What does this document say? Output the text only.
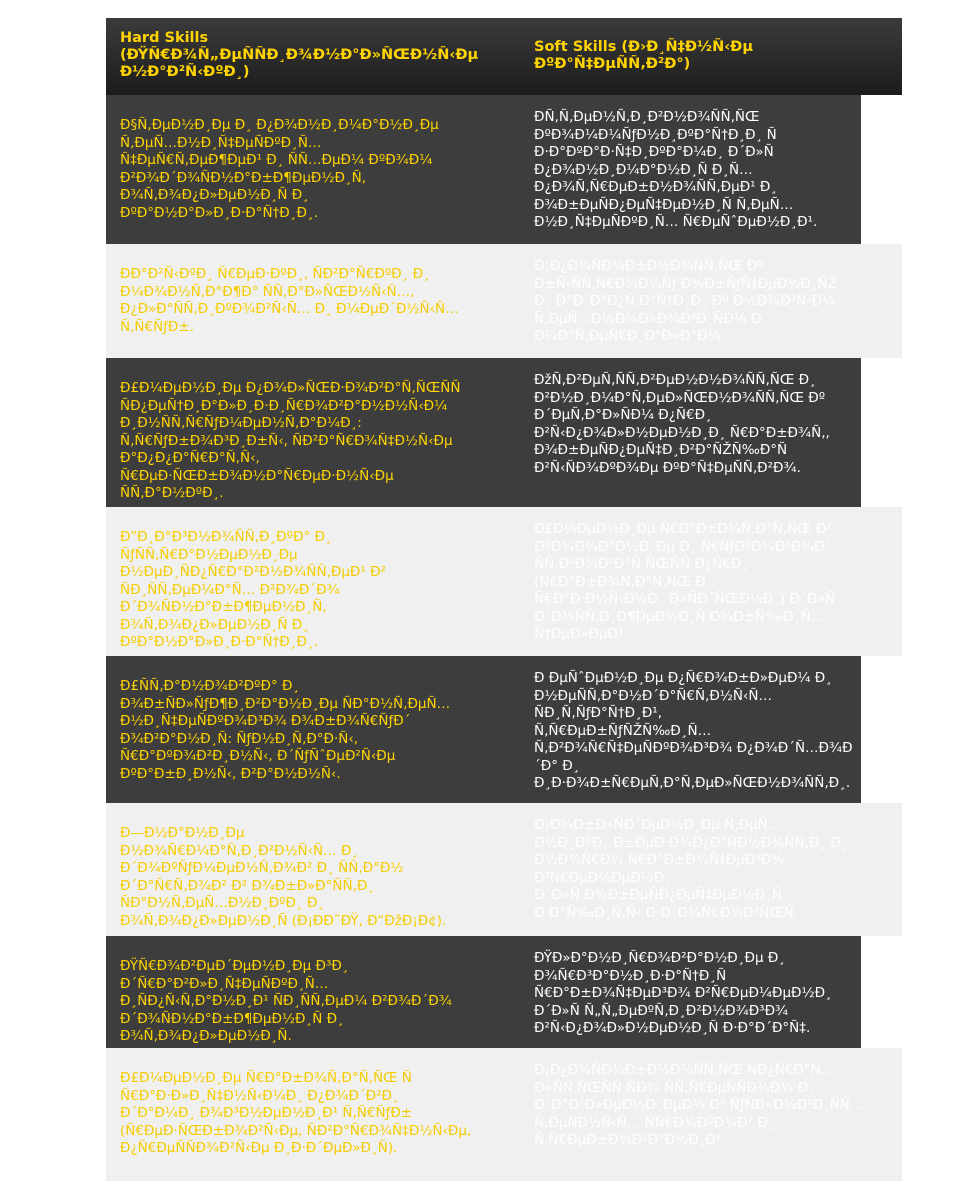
Hard Skills
(ĐŸÑ€Đ¾Ñ„ĐµÑÑĐ¸Đ¾Đ½Đ°Đ»ÑŒĐ½Ñ‹Đµ Đ½Đ°Đ²Ñ‹ĐºĐ¸)
Soft Skills (Đ›Đ¸Ñ‡Đ½Ñ‹Đµ ĐºĐ°Ñ‡ĐµÑÑ‚Đ²Đ°)
Đ§Ñ‚ĐµĐ½Đ¸Đµ Đ¸ Đ¿Đ¾Đ½Đ¸Đ¼Đ°Đ½Đ¸Đµ
Ñ‚ĐµÑ…Đ½Đ¸Ñ‡ĐµÑĐºĐ¸Ñ…
Ñ‡ĐµÑ€Ñ‚ĐµĐ¶ĐµĐ¹ Đ¸ ÑÑ…ĐµĐ¼ ĐºĐ¾Đ¼
Đ²Đ¾Đ´Đ¾ÑĐ½Đ°Đ±Đ¶ĐµĐ½Đ¸Ñ,
Đ¾Ñ‚Đ¾Đ¿Đ»ĐµĐ½Đ¸Ñ Đ¸
ĐºĐ°Đ½Đ°Đ»Đ¸Đ·Đ°Ñ†Đ¸Đ¸.
ĐÑ‚Ñ‚ĐµĐ½Ñ‚Đ¸Đ²Đ½Đ¾ÑÑ‚ÑŒ
ĐºĐ¾Đ¼Đ¼ÑƒĐ½Đ¸ĐºĐ°Ñ†Đ¸Đ¸ Ñ
Đ·Đ°ĐºĐ°Đ·Ñ‡Đ¸ĐºĐ°Đ¼Đ¸ Đ´Đ»Ñ
Đ¿Đ¾Đ½Đ¸Đ¼Đ°Đ½Đ¸Ñ Đ¸Ñ…
Đ¿Đ¾Ñ‚Ñ€ĐµĐ±Đ½Đ¾ÑÑ‚ĐµĐ¹ Đ¸
Đ¾Đ±ĐµÑĐ¿ĐµÑ‡ĐµĐ½Đ¸Ñ Ñ‚ĐµÑ…
Đ½Đ¸Ñ‡ĐµÑĐºĐ¸Ñ… Ñ€ĐµÑˆĐµĐ½Đ¸Đ¹.
ĐĐ°Đ²Ñ‹ĐºĐ¸ Ñ€ĐµĐ·ĐºĐ¸, ÑĐ²Đ°Ñ€ĐºĐ¸ Đ¸
Đ¼Đ¾Đ½Ñ‚Đ°Đ¶Đ° ÑÑ‚Đ°Đ»ÑŒĐ½Ñ‹Ñ…,
Đ¿Đ»Đ°ÑÑ‚Đ¸ĐºĐ¾Đ²Ñ‹Ñ… Đ¸ Đ¼ĐµĐ´Đ½Ñ‹Ñ…
Ñ‚Ñ€ÑƒĐ±.
Đ¡Đ¿Đ¾ÑĐ¾Đ±Đ½Đ¾ÑÑ‚ÑŒ Đº
Đ±Ñ‹ÑÑ‚Ñ€Đ¾Đ¼Ñƒ Đ¾Đ±ÑƒÑ‡ĐµĐ½Đ¸ÑŽ
Đ¸ Đ°Đ´Đ°Đ¿Ñ‚Đ°Ñ†Đ¸Đ¸ Đº Đ½Đ¾Đ²Ñ‹Đ¼
Ñ‚ĐµÑ…Đ½Đ¾Đ»Đ¾Đ³Đ¸ÑĐ¼ Đ¸
Đ¼Đ°Ñ‚ĐµÑ€Đ¸Đ°Đ»Đ°Đ¼.
Đ£Đ¼ĐµĐ½Đ¸Đµ Đ¿Đ¾Đ»ÑŒĐ·Đ¾Đ²Đ°Ñ‚ÑŒÑÑ
ÑĐ¿ĐµÑ†Đ¸Đ°Đ»Đ¸Đ·Đ¸Ñ€Đ¾Đ²Đ°Đ½Đ½Ñ‹Đ¼
Đ¸Đ½ÑÑ‚Ñ€ÑƒĐ¼ĐµĐ½Ñ‚Đ°Đ¼Đ¸:
Ñ‚Ñ€ÑƒĐ±Đ¾Đ³Đ¸Đ±Ñ‹, ÑĐ²Đ°Ñ€Đ¾Ñ‡Đ½Ñ‹Đµ
Đ°Đ¿Đ¿Đ°Ñ€Đ°Ñ‚Ñ‹,
Ñ€ĐµĐ·ÑŒĐ±Đ¾Đ½Đ°Ñ€ĐµĐ·Đ½Ñ‹Đµ
ÑÑ‚Đ°Đ½ĐºĐ¸.
ĐžÑ‚Đ²ĐµÑ‚ÑÑ‚Đ²ĐµĐ½Đ½Đ¾ÑÑ‚ÑŒ Đ¸
Đ²Đ½Đ¸Đ¼Đ°Ñ‚ĐµĐ»ÑŒĐ½Đ¾ÑÑ‚ÑŒ Đº
Đ´ĐµÑ‚Đ°Đ»ÑĐ¼ Đ¿Ñ€Đ¸
Đ²Ñ‹Đ¿Đ¾Đ»Đ½ĐµĐ½Đ¸Đ¸ Ñ€Đ°Đ±Đ¾Ñ‚,
Đ¾Đ±ĐµÑĐ¿ĐµÑ‡Đ¸Đ²Đ°ÑŽÑ‰Đ°Ñ
Đ²Ñ‹ÑĐ¾ĐºĐ¾Đµ ĐºĐ°Ñ‡ĐµÑÑ‚Đ²Đ¾.
Đ”Đ¸Đ°Đ³Đ½Đ¾ÑÑ‚Đ¸ĐºĐ° Đ¸
ÑƒÑÑ‚Ñ€Đ°Đ½ĐµĐ½Đ¸Đµ
Đ½ĐµĐ¸ÑĐ¿Ñ€Đ°Đ²Đ½Đ¾ÑÑ‚ĐµĐ¹ Đ²
ÑĐ¸ÑÑ‚ĐµĐ¼Đ°Ñ… Đ²Đ¾Đ´Đ¾
Đ´Đ¾ÑĐ½Đ°Đ±Đ¶ĐµĐ½Đ¸Ñ,
Đ¾Ñ‚Đ¾Đ¿Đ»ĐµĐ½Đ¸Ñ Đ¸
ĐºĐ°Đ½Đ°Đ»Đ¸Đ·Đ°Ñ†Đ¸Đ¸.
Đ£Đ¼ĐµĐ½Đ¸Đµ Ñ€Đ°Đ±Đ¾Ñ‚Đ°Ñ‚ÑŒ Đ²
ĐºĐ¾Đ¼Đ°Đ½Đ´Đµ Đ¸ Ñ€ÑƒĐºĐ¾Đ²Đ¾Đ´
ÑÑ‚Đ²Đ¾Đ²Đ°Ñ‚ÑŒÑÑ Đ¿Ñ€Đ¸
(Ñ€Đ°Đ±Đ¾Ñ‚Đ°Ñ‚ÑŒ Đ¸
Ñ€Đ°Đ·Đ½Ñ‹Đ¼Đ¸ Đ»ÑĐ´ÑŒĐ¼Đ¸) Đ´Đ»Ñ
Đ´Đ¾ÑÑ‚Đ¸Đ¶ĐµĐ½Đ¸Ñ Đ¾Đ±Ñ‰Đ¸Ñ…
Ñ†ĐµĐ»ĐµĐ¹.
Đ£ÑÑ‚Đ°Đ½Đ¾Đ²ĐºĐ° Đ¸
Đ¾Đ±ÑĐ»ÑƒĐ¶Đ¸Đ²Đ°Đ½Đ¸Đµ ÑĐ°Đ½Ñ‚ĐµÑ…
Đ½Đ¸Ñ‡ĐµÑĐºĐ¾Đ³Đ¾ Đ¾Đ±Đ¾Ñ€ÑƒĐ´
Đ¾Đ²Đ°Đ½Đ¸Ñ: ÑƒĐ½Đ¸Ñ‚Đ°Đ·Ñ‹,
Ñ€Đ°ĐºĐ¾Đ²Đ¸Đ½Ñ‹, Đ´ÑƒÑˆĐµĐ²Ñ‹Đµ
ĐºĐ°Đ±Đ¸Đ½Ñ‹, Đ²Đ°Đ½Đ½Ñ‹.
Đ ĐµÑˆĐµĐ½Đ¸Đµ Đ¿Ñ€Đ¾Đ±Đ»ĐµĐ¼ Đ¸
Đ½ĐµÑÑ‚Đ°Đ½Đ´Đ°Ñ€Ñ‚Đ½Ñ‹Ñ…
ÑĐ¸Ñ‚ÑƒĐ°Ñ†Đ¸Đ¹,
Ñ‚Ñ€ĐµĐ±ÑƒÑŽÑ‰Đ¸Ñ…
Ñ‚Đ²Đ¾Ñ€Ñ‡ĐµÑĐºĐ¾Đ³Đ¾ Đ¿Đ¾Đ´Ñ…Đ¾Đ´Đ° Đ¸
Đ¸Đ·Đ¾Đ±Ñ€ĐµÑ‚Đ°Ñ‚ĐµĐ»ÑŒĐ½Đ¾ÑÑ‚Đ¸.
Đ—Đ½Đ°Đ½Đ¸Đµ
Đ½Đ¾Ñ€Đ¼Đ°Ñ‚Đ¸Đ²Đ½Ñ‹Ñ… Đ¸
Đ´Đ¾ĐºÑƒĐ¼ĐµĐ½Ñ‚Đ¾Đ² Đ¸ ÑÑ‚Đ°Đ½
Đ´Đ°Ñ€Ñ‚Đ¾Đ² Đ² Đ¾Đ±Đ»Đ°ÑÑ‚Đ¸
ÑĐ°Đ½Ñ‚ĐµÑ…Đ½Đ¸ĐºĐ¸ Đ¸
Đ¾Ñ‚Đ¾Đ¿Đ»ĐµĐ½Đ¸Ñ (Đ¡ĐĐ˜ĐŸ, Đ“ĐžĐ¡Đ¢).
Đ¡Đ¾Đ±Đ»ÑĐ´ĐµĐ½Đ¸Đµ Ñ‚ĐµÑ…
Đ½Đ¸ĐºĐ¸ Đ±ĐµĐ·Đ¾Đ¿Đ°ÑĐ½Đ¾ÑÑ‚Đ¸ Đ¸
Đ½Đ¾Ñ€Đ¼ Ñ€Đ°Đ±Đ¾Ñ‡ĐµĐ³Đ¾ Đ²Ñ€ĐµĐ¼ĐµĐ½Đ¸
Đ´Đ»Ñ Đ¾Đ±ĐµÑĐ¿ĐµÑ‡ĐµĐ½Đ¸Ñ
Đ·Đ°Ñ‰Đ¸Ñ‚Ñ‹ Đ·Đ´Đ¾Ñ€Đ¾Đ²ÑŒÑ.
ĐŸÑ€Đ¾Đ²ĐµĐ´ĐµĐ½Đ¸Đµ Đ³Đ¸
Đ´Ñ€Đ°Đ²Đ»Đ¸Ñ‡ĐµÑĐºĐ¸Ñ…
Đ¸ÑĐ¿Ñ‹Ñ‚Đ°Đ½Đ¸Đ¹ ÑĐ¸ÑÑ‚ĐµĐ¼ Đ²Đ¾Đ´Đ¾
Đ´Đ¾ÑĐ½Đ°Đ±Đ¶ĐµĐ½Đ¸Ñ Đ¸
Đ¾Ñ‚Đ¾Đ¿Đ»ĐµĐ½Đ¸Ñ.
ĐŸĐ»Đ°Đ½Đ¸Ñ€Đ¾Đ²Đ°Đ½Đ¸Đµ Đ¸
Đ¾Ñ€Đ³Đ°Đ½Đ¸Đ·Đ°Ñ†Đ¸Ñ
Ñ€Đ°Đ±Đ¾Ñ‡ĐµĐ³Đ¾ Đ²Ñ€ĐµĐ¼ĐµĐ½Đ¸
Đ´Đ»Ñ Ñ„Ñ„ĐµĐºÑ‚Đ¸Đ²Đ½Đ¾Đ³Đ¾
Đ²Ñ‹Đ¿Đ¾Đ»Đ½ĐµĐ½Đ¸Ñ Đ·Đ°Đ´Đ°Ñ‡.
Đ£Đ¼ĐµĐ½Đ¸Đµ Ñ€Đ°Đ±Đ¾Ñ‚Đ°Ñ‚ÑŒ Ñ
Ñ€Đ°Đ·Đ»Đ¸Ñ‡Đ½Ñ‹Đ¼Đ¸ Đ¿Đ¾Đ´Đ²Đ¸
Đ´Đ°Đ¼Đ¸ Đ¾Đ³Đ½ĐµĐ½Đ¸Đ¹ Ñ‚Ñ€ÑƒĐ±
(Ñ€ĐµĐ·ÑŒĐ±Đ¾Đ²Ñ‹Đµ, ÑĐ²Đ°Ñ€Đ¾Ñ‡Đ½Ñ‹Đµ,
Đ¿Ñ€ĐµÑÑĐ¾Đ²Ñ‹Đµ Đ¸Đ·Đ´ĐµĐ»Đ¸Ñ).
Đ¡Đ¿Đ¾ÑĐ¾Đ±Đ½Đ¾ÑÑ‚ÑŒ ÑĐ¿Ñ€Đ°Ñ…
Đ»ÑÑ‚ÑŒÑÑ ÑĐ¾ ÑÑ‚Ñ€ĐµÑÑĐ¾Đ¼ Đ¸
Đ´Đ°Đ²Đ»ĐµĐ½Đ¸ĐµĐ¼ Đ² ÑƒÑĐ»Đ¾Đ²Đ¸ÑÑ…
Ñ‚ĐµÑĐ½Ñ‹Ñ… ÑÑ€Đ¾ĐºĐ¾Đ² Đ¸
Ñ‚Ñ€ĐµĐ±Đ¾Đ²Đ°Đ½Đ¸Đ¹.
